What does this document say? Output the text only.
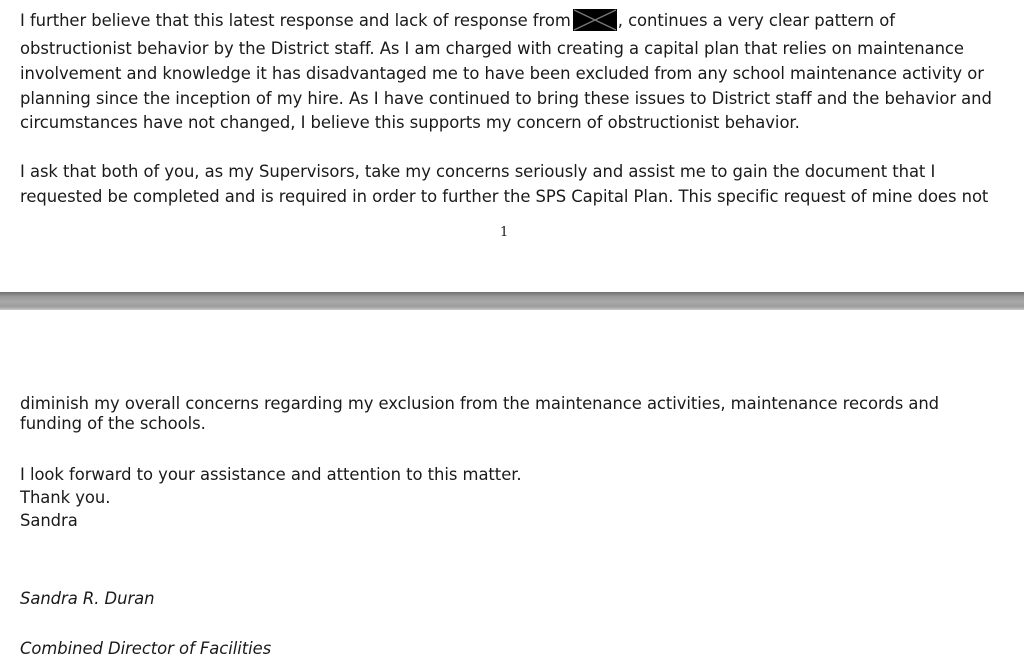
I further believe that this latest response and lack of response from	, continues a very clear pattern of
obstructionist behavior by the District staff. As I am charged with creating a capital plan that relies on maintenance
involvement and knowledge it has disadvantaged me to have been excluded from any school maintenance activity or
planning since the inception of my hire. As I have continued to bring these issues to District staff and the behavior and
circumstances have not changed, I believe this supports my concern of obstructionist behavior.
I ask that both of you, as my Supervisors, take my concerns seriously and assist me to gain the document that I
requested be completed and is required in order to further the SPS Capital Plan. This specific request of mine does not
1
diminish my overall concerns regarding my exclusion from the maintenance activities, maintenance records and
funding of the schools.
I look forward to your assistance and attention to this matter.
Thank you.
Sandra
Sandra R. Duran
Combined Director of Facilities
